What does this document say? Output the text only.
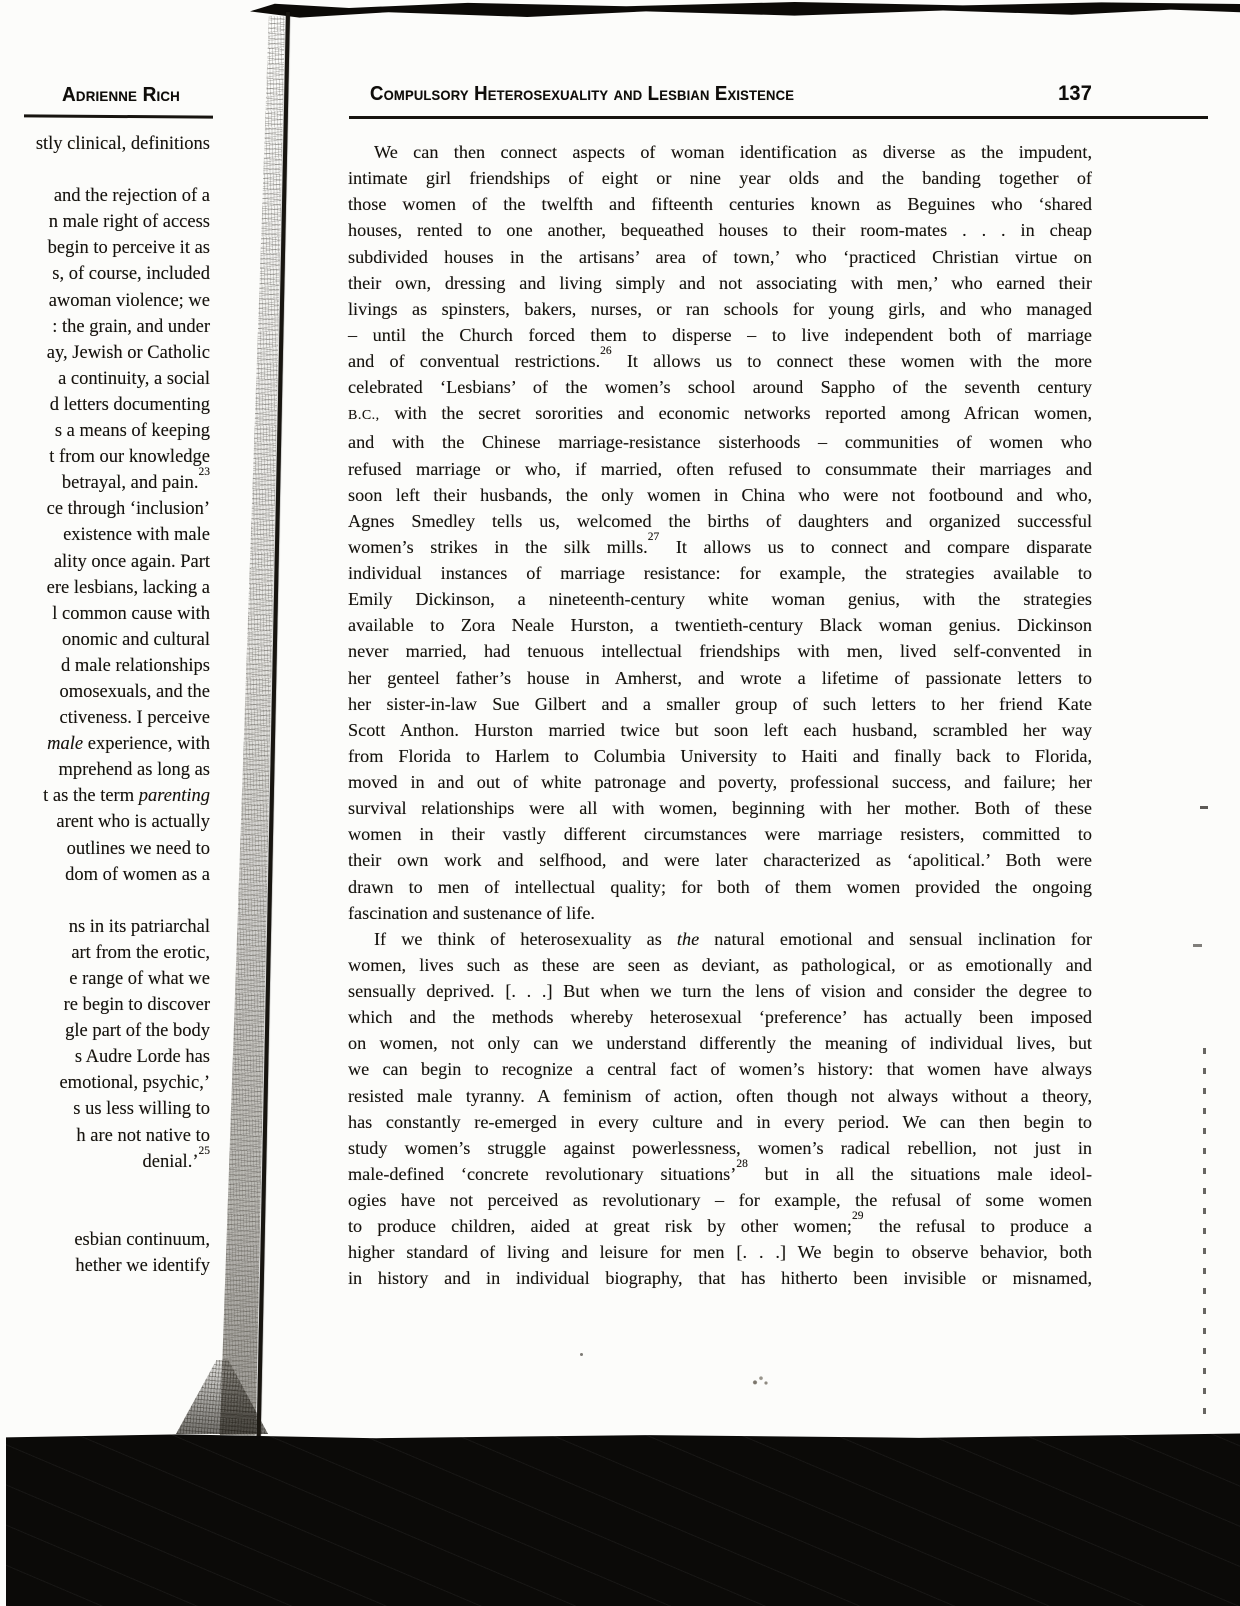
Adrienne Rich
stly clinical, definitions
and the rejection of a
n male right of access
begin to perceive it as
s, of course, included
awoman violence; we
: the grain, and under
ay, Jewish or Catholic
a continuity, a social
d letters documenting
s a means of keeping
t from our knowledge
betrayal, and pain.$^{23}$
ce through ‘inclusion’
existence with male
ality once again. Part
ere lesbians, lacking a
l common cause with
onomic and cultural
d male relationships
omosexuals, and the
ctiveness. I perceive
male experience, with
mprehend as long as
t as the term parenting
arent who is actually
outlines we need to
dom of women as a
ns in its patriarchal
art from the erotic,
e range of what we
re begin to discover
gle part of the body
s Audre Lorde has
emotional, psychic,’
s us less willing to
h are not native to
denial.’$^{25}$
esbian continuum,
hether we identify
Compulsory Heterosexuality and Lesbian Existence	137
We can then connect aspects of woman identification as diverse as the impudent,
intimate girl friendships of eight or nine year olds and the banding together of
those women of the twelfth and fifteenth centuries known as Beguines who ‘shared
houses, rented to one another, bequeathed houses to their room-mates . . . in cheap
subdivided houses in the artisans’ area of town,’ who ‘practiced Christian virtue on
their own, dressing and living simply and not associating with men,’ who earned their
livings as spinsters, bakers, nurses, or ran schools for young girls, and who managed
– until the Church forced them to disperse – to live independent both of marriage
and of conventual restrictions.$^{26}$ It allows us to connect these women with the more
celebrated ‘Lesbians’ of the women’s school around Sappho of the seventh century
B.C., with the secret sororities and economic networks reported among African women,
and with the Chinese marriage-resistance sisterhoods – communities of women who
refused marriage or who, if married, often refused to consummate their marriages and
soon left their husbands, the only women in China who were not footbound and who,
Agnes Smedley tells us, welcomed the births of daughters and organized successful
women’s strikes in the silk mills.$^{27}$ It allows us to connect and compare disparate
individual instances of marriage resistance: for example, the strategies available to
Emily Dickinson, a nineteenth-century white woman genius, with the strategies
available to Zora Neale Hurston, a twentieth-century Black woman genius. Dickinson
never married, had tenuous intellectual friendships with men, lived self-convented in
her genteel father’s house in Amherst, and wrote a lifetime of passionate letters to
her sister-in-law Sue Gilbert and a smaller group of such letters to her friend Kate
Scott Anthon. Hurston married twice but soon left each husband, scrambled her way
from Florida to Harlem to Columbia University to Haiti and finally back to Florida,
moved in and out of white patronage and poverty, professional success, and failure; her
survival relationships were all with women, beginning with her mother. Both of these
women in their vastly different circumstances were marriage resisters, committed to
their own work and selfhood, and were later characterized as ‘apolitical.’ Both were
drawn to men of intellectual quality; for both of them women provided the ongoing
fascination and sustenance of life.
If we think of heterosexuality as the natural emotional and sensual inclination for
women, lives such as these are seen as deviant, as pathological, or as emotionally and
sensually deprived. [. . .] But when we turn the lens of vision and consider the degree to
which and the methods whereby heterosexual ‘preference’ has actually been imposed
on women, not only can we understand differently the meaning of individual lives, but
we can begin to recognize a central fact of women’s history: that women have always
resisted male tyranny. A feminism of action, often though not always without a theory,
has constantly re-emerged in every culture and in every period. We can then begin to
study women’s struggle against powerlessness, women’s radical rebellion, not just in
male-defined ‘concrete revolutionary situations’$^{28}$ but in all the situations male ideol-
ogies have not perceived as revolutionary – for example, the refusal of some women
to produce children, aided at great risk by other women;$^{29}$ the refusal to produce a
higher standard of living and leisure for men [. . .] We begin to observe behavior, both
in history and in individual biography, that has hitherto been invisible or misnamed,
